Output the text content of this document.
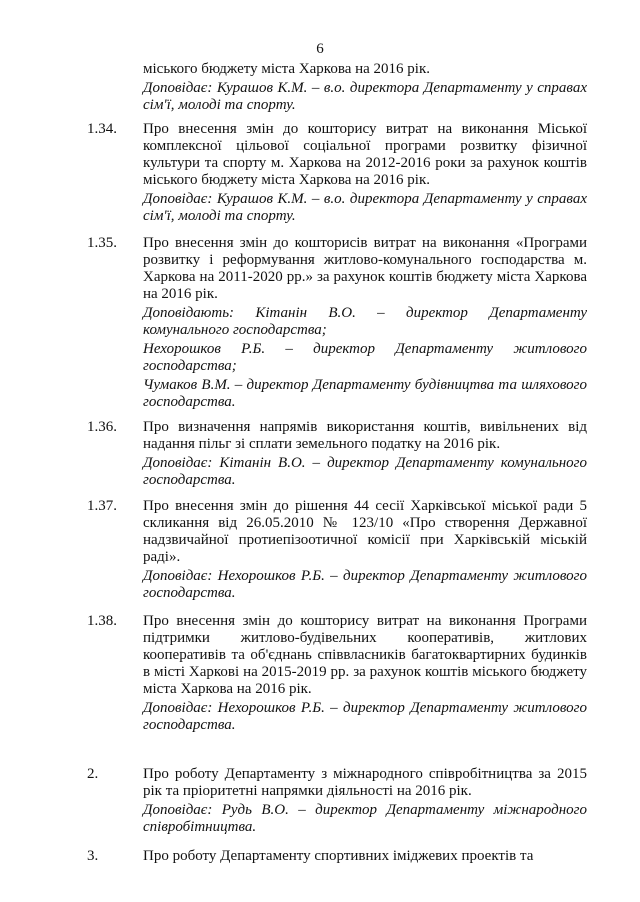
6

міського бюджету міста Харкова на 2016 рік.

Доповідає: Курашов К.М. – в.о. директора Департаменту у справах сім'ї, молоді та спорту.

1.34. Про внесення змін до кошторису витрат на виконання Міської комплексної цільової соціальної програми розвитку фізичної культури та спорту м. Харкова на 2012-2016 роки за рахунок коштів міського бюджету міста Харкова на 2016 рік.

Доповідає: Курашов К.М. – в.о. директора Департаменту у справах сім'ї, молоді та спорту.

1.35. Про внесення змін до кошторисів витрат на виконання «Програми розвитку і реформування житлово-комунального господарства м. Харкова на 2011-2020 рр.» за рахунок коштів бюджету міста Харкова на 2016 рік.

Доповідають: Кітанін В.О. – директор Департаменту комунального господарства;

Нехорошков Р.Б. – директор Департаменту житлового господарства;

Чумаков В.М. – директор Департаменту будівництва та шляхового господарства.

1.36. Про визначення напрямів використання коштів, вивільнених від надання пільг зі сплати земельного податку на 2016 рік.

Доповідає: Кітанін В.О. – директор Департаменту комунального господарства.

1.37. Про внесення змін до рішення 44 сесії Харківської міської ради 5 скликання від 26.05.2010 № 123/10 «Про створення Державної надзвичайної протиепізоотичної комісії при Харківській міській раді».

Доповідає: Нехорошков Р.Б. – директор Департаменту житлового господарства.

1.38. Про внесення змін до кошторису витрат на виконання Програми підтримки житлово-будівельних кооперативів, житлових кооперативів та об'єднань співвласників багатоквартирних будинків в місті Харкові на 2015-2019 рр. за рахунок коштів міського бюджету міста Харкова на 2016 рік.

Доповідає: Нехорошков Р.Б. – директор Департаменту житлового господарства.

2.	Про роботу Департаменту з міжнародного співробітництва за 2015 рік та пріоритетні напрямки діяльності на 2016 рік.

Доповідає: Рудь В.О. – директор Департаменту міжнародного співробітництва.

3.	Про роботу Департаменту спортивних іміджевих проектів та
